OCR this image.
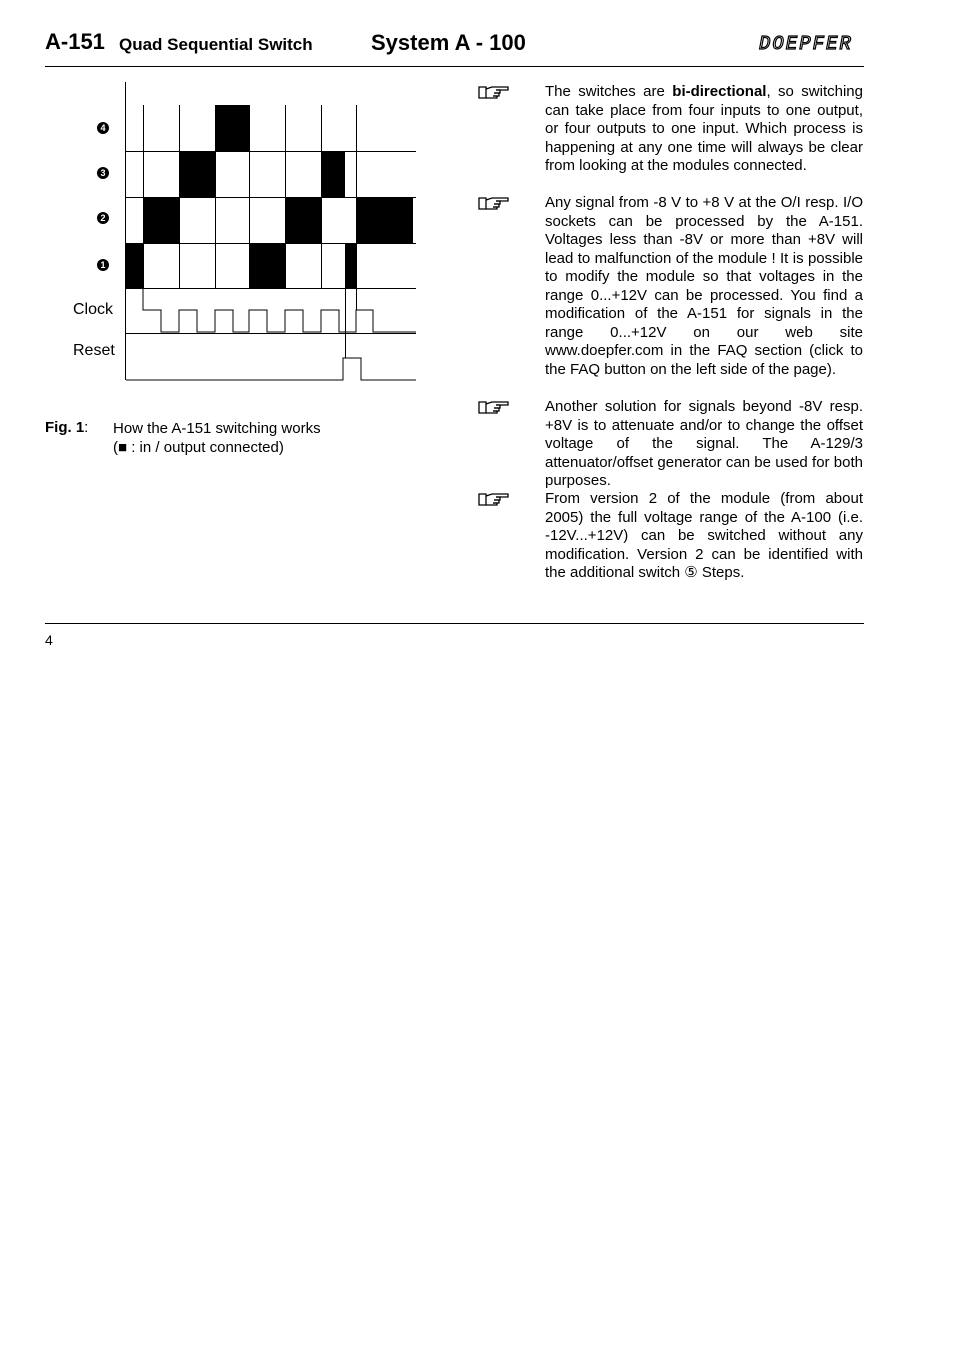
A-151 Quad Sequential Switch	System A - 100	DOEPFER
4
3
2
1
Clock
Reset
Fig. 1: How the A-151 switching works
(■ : in / output connected)
The switches are bi-directional, so switching can take place from four inputs to one output, or four outputs to one input. Which process is happening at any one time will always be clear from looking at the modules connected.
Any signal from -8 V to +8 V at the O/I resp. I/O sockets can be processed by the A-151. Voltages less than -8V or more than +8V will lead to malfunction of the module ! It is possible to modify the module so that voltages in the range 0...+12V can be processed. You find a modification of the A-151 for signals in the range 0...+12V on our web site www.doepfer.com in the FAQ section (click to the FAQ button on the left side of the page).
Another solution for signals beyond -8V resp. +8V is to attenuate and/or to change the offset voltage of the signal. The A-129/3 attenuator/offset generator can be used for both purposes.
From version 2 of the module (from about 2005) the full voltage range of the A-100 (i.e. -12V...+12V) can be switched without any modification. Version 2 can be identified with the additional switch ⑤ Steps.
4
